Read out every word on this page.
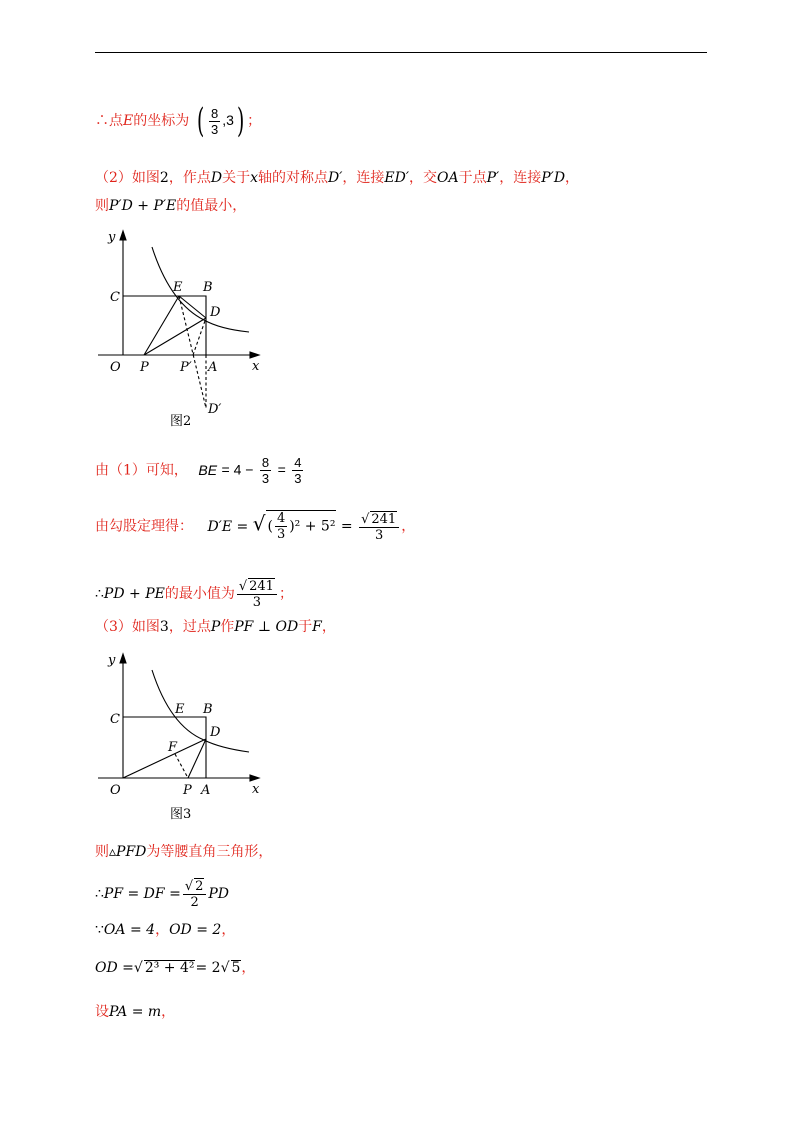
∴点E的坐标为 ( $\frac{8}{3} ,3$) ；
（2）如图2，作点D关于x轴的对称点D′，连接ED′，交OA于点P′，连接P′D，
则P′D + P′E的值最小，
y
x
C
E B
D
O P P′ A
D′
图2
由（1）可知， BE = $4 - \frac{8}{3} = \frac{4}{3}$
由勾股定理得： D′E = √ ( $\frac{4}{3} )^2 + 5^2 = \frac{√ 241}{3}$ ，
∴PD + PE的最小值为 $\frac{√ 241}{3}$ ；
（3）如图3，过点P作PF ⊥ OD于F，
y
x
C
E B
D
F
O	P A
图3
则▵PFD为等腰直角三角形，
∴PF = DF = $\frac{√ 2}{2}$ PD
∵OA = 4，OD = 2，
OD =√ 2³ + 4²= 2√ 5，
设PA = m，
